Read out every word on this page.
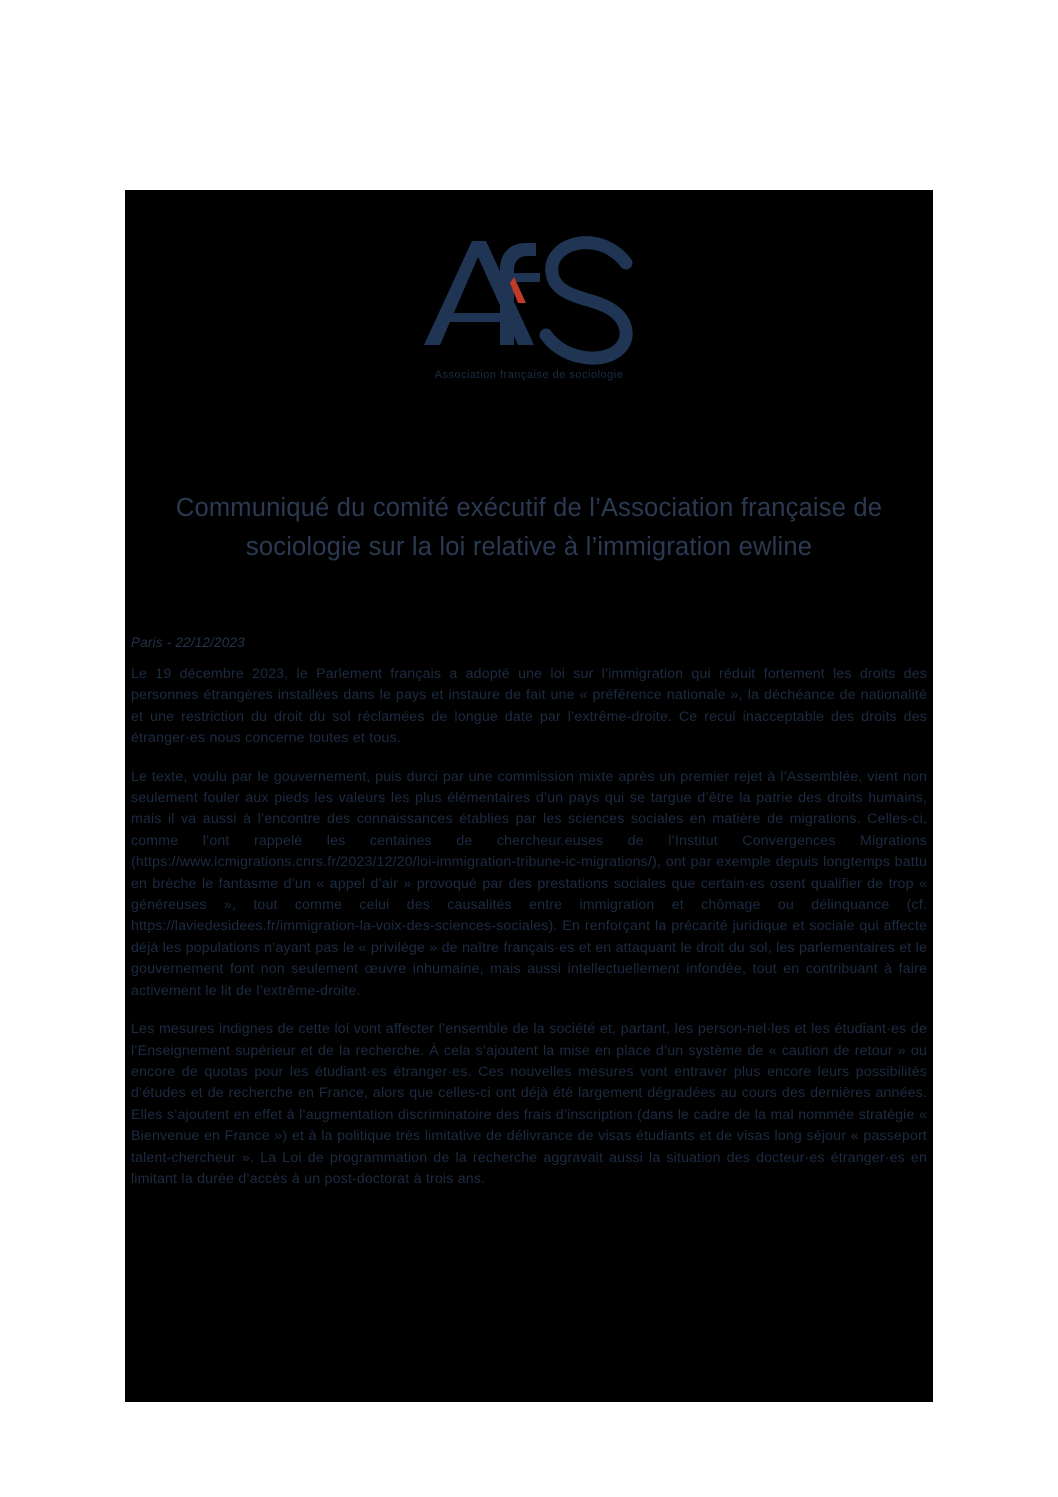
Association française de sociologie
Communiqué du comité exécutif de l’Association française de sociologie sur la loi relative à l’immigration ewline

Paris - 22/12/2023

Le 19 décembre 2023, le Parlement français a adopté une loi sur l’immigration qui réduit fortement les droits des personnes étrangères installées dans le pays et instaure de fait une « préférence nationale », la déchéance de nationalité et une restriction du droit du sol réclamées de longue date par l’extrême-droite. Ce recul inacceptable des droits des étranger·es nous concerne toutes et tous.

Le texte, voulu par le gouvernement, puis durci par une commission mixte après un premier rejet à l’Assemblée, vient non seulement fouler aux pieds les valeurs les plus élémentaires d’un pays qui se targue d’être la patrie des droits humains, mais il va aussi à l’encontre des connaissances établies par les sciences sociales en matière de migrations. Celles-ci, comme l’ont rappelé les centaines de chercheur.euses de l’Institut Convergences Migrations (https://www.icmigrations.cnrs.fr/2023/12/20/loi-immigration-tribune-ic-migrations/), ont par exemple depuis longtemps battu en brèche le fantasme d’un « appel d’air » provoqué par des prestations sociales que certain·es osent qualifier de trop « généreuses », tout comme celui des causalités entre immigration et chômage ou délinquance (cf. https://laviedesidees.fr/immigration-la-voix-des-sciences-sociales). En renforçant la précarité juridique et sociale qui affecte déjà les populations n’ayant pas le « privilège » de naître français·es et en attaquant le droit du sol, les parlementaires et le gouvernement font non seulement œuvre inhumaine, mais aussi intellectuellement infondée, tout en contribuant à faire activement le lit de l’extrême-droite.

Les mesures indignes de cette loi vont affecter l’ensemble de la société et, partant, les person-nel·les et les étudiant·es de l’Enseignement supérieur et de la recherche. À cela s’ajoutent la mise en place d’un système de « caution de retour » ou encore de quotas pour les étudiant·es étranger·es. Ces nouvelles mesures vont entraver plus encore leurs possibilités d’études et de recherche en France, alors que celles-ci ont déjà été largement dégradées au cours des dernières années. Elles s’ajoutent en effet à l’augmentation discriminatoire des frais d’inscription (dans le cadre de la mal nommée stratégie « Bienvenue en France ») et à la politique très limitative de délivrance de visas étudiants et de visas long séjour « passeport talent-chercheur ». La Loi de programmation de la recherche aggravait aussi la situation des docteur·es étranger·es en limitant la durée d’accès à un post-doctorat à trois ans.
